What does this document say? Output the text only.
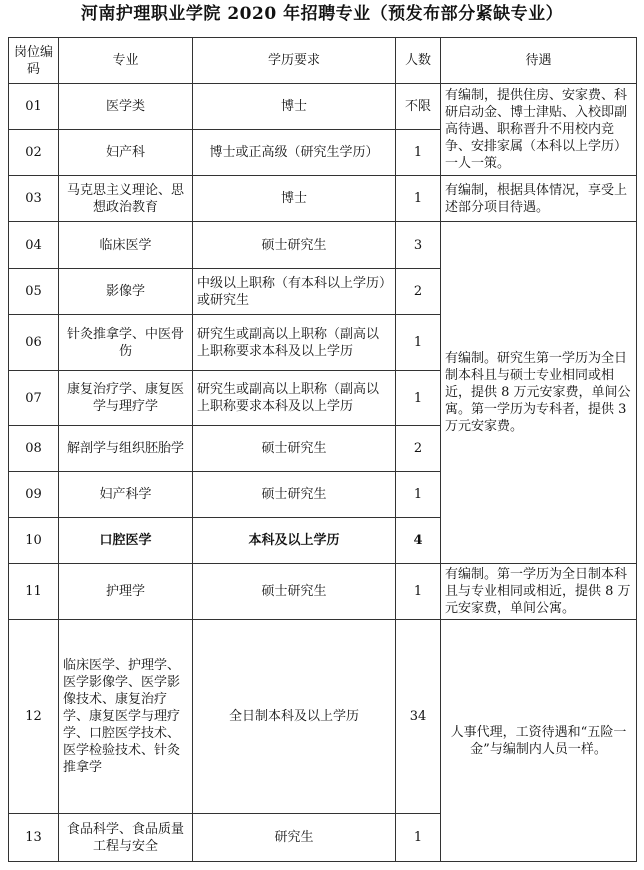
河南护理职业学院 2020 年招聘专业（预发布部分紧缺专业）
岗位编码	专业	学历要求	人数	待遇
01	医学类	博士	不限	有编制，提供住房、安家费、科研启动金、博士津贴、入校即副高待遇、职称晋升不用校内竞争、安排家属（本科以上学历）一人一策。
02	妇产科	博士或正高级（研究生学历）	1	
03	马克思主义理论、思想政治教育	博士	1	有编制，根据具体情况，享受上述部分项目待遇。
04	临床医学	硕士研究生	3	有编制。研究生第一学历为全日制本科且与硕士专业相同或相近，提供 8 万元安家费，单间公寓。第一学历为专科者，提供 3 万元安家费。
05	影像学	中级以上职称（有本科以上学历）或研究生	2	
06	针灸推拿学、中医骨伤	研究生或副高以上职称（副高以上职称要求本科及以上学历	1	
07	康复治疗学、康复医学与理疗学	研究生或副高以上职称（副高以上职称要求本科及以上学历	1	
08	解剖学与组织胚胎学	硕士研究生	2	
09	妇产科学	硕士研究生	1	
10	口腔医学	本科及以上学历	4	
11	护理学	硕士研究生	1	有编制。第一学历为全日制本科且与专业相同或相近，提供 8 万元安家费，单间公寓。
12	临床医学、护理学、医学影像学、医学影像技术、康复治疗学、康复医学与理疗学、口腔医学技术、医学检验技术、针灸推拿学	全日制本科及以上学历	34	人事代理，工资待遇和“五险一金”与编制内人员一样。
13	食品科学、食品质量工程与安全	研究生	1	
